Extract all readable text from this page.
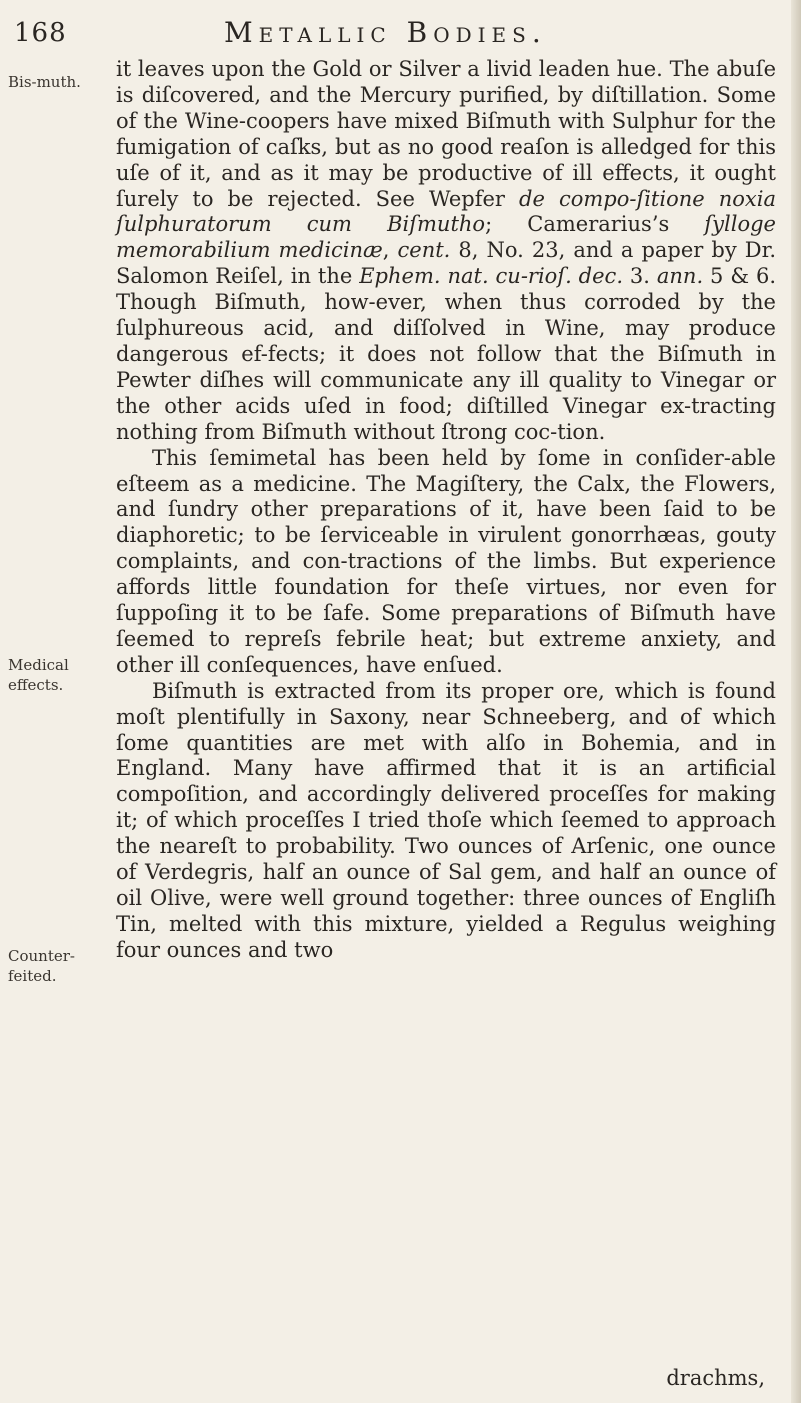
168	Metallic Bodies.
Bis-muth.
Medical effects.
Counter-feited.

it leaves upon the Gold or Silver a livid leaden hue. The abuſe is diſcovered, and the Mercury purified, by diſtillation. Some of the Wine-coopers have mixed Biſmuth with Sulphur for the fumigation of caſks, but as no good reaſon is alledged for this uſe of it, and as it may be productive of ill effects, it ought ſurely to be rejected. See Wepfer de compo-ſitione noxia ſulphuratorum cum Biſmutho; Camerarius’s ſylloge memorabilium medicinæ, cent. 8, No. 23, and a paper by Dr. Salomon Reiſel, in the Ephem. nat. cu-rioſ. dec. 3. ann. 5 & 6. Though Biſmuth, how-ever, when thus corroded by the ſulphureous acid, and diſſolved in Wine, may produce dangerous ef-fects; it does not follow that the Biſmuth in Pewter diſhes will communicate any ill quality to Vinegar or the other acids uſed in food; diſtilled Vinegar ex-tracting nothing from Biſmuth without ſtrong coc-tion.

This ſemimetal has been held by ſome in conſider-able eſteem as a medicine. The Magiſtery, the Calx, the Flowers, and ſundry other preparations of it, have been ſaid to be diaphoretic; to be ſerviceable in virulent gonorrhæas, gouty complaints, and con-tractions of the limbs. But experience affords little foundation for theſe virtues, nor even for ſuppoſing it to be ſafe. Some preparations of Biſmuth have ſeemed to repreſs febrile heat; but extreme anxiety, and other ill conſequences, have enſued.

Biſmuth is extracted from its proper ore, which is found moſt plentifully in Saxony, near Schneeberg, and of which ſome quantities are met with alſo in Bohemia, and in England. Many have affirmed that it is an artificial compoſition, and accordingly delivered proceſſes for making it; of which proceſſes I tried thoſe which ſeemed to approach the neareſt to probability. Two ounces of Arſenic, one ounce of Verdegris, half an ounce of Sal gem, and half an ounce of oil Olive, were well ground together: three ounces of Engliſh Tin, melted with this mixture, yielded a Regulus weighing four ounces and two

drachms,
